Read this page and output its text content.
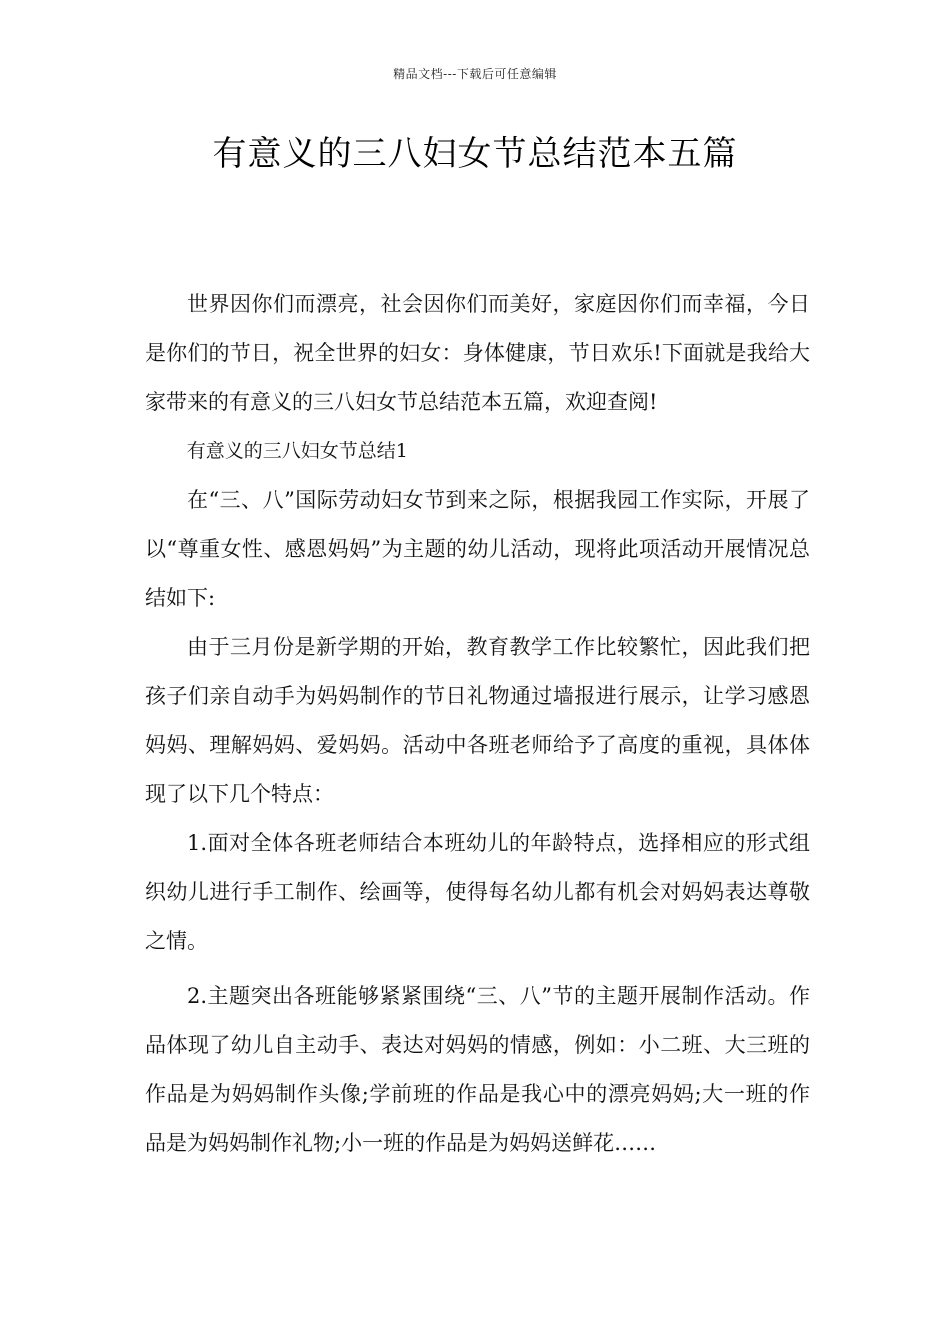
精品文档---下载后可任意编辑
有意义的三八妇女节总结范本五篇

世界因你们而漂亮，社会因你们而美好，家庭因你们而幸福，今日是你们的节日，祝全世界的妇女：身体健康，节日欢乐!下面就是我给大家带来的有意义的三八妇女节总结范本五篇，欢迎查阅!

有意义的三八妇女节总结1

在“三、八”国际劳动妇女节到来之际，根据我园工作实际，开展了以“尊重女性、感恩妈妈”为主题的幼儿活动，现将此项活动开展情况总结如下:

由于三月份是新学期的开始，教育教学工作比较繁忙，因此我们把孩子们亲自动手为妈妈制作的节日礼物通过墙报进行展示，让学习感恩妈妈、理解妈妈、爱妈妈。活动中各班老师给予了高度的重视，具体体现了以下几个特点：

1.面对全体各班老师结合本班幼儿的年龄特点，选择相应的形式组织幼儿进行手工制作、绘画等，使得每名幼儿都有机会对妈妈表达尊敬之情。

2.主题突出各班能够紧紧围绕“三、八”节的主题开展制作活动。作品体现了幼儿自主动手、表达对妈妈的情感，例如：小二班、大三班的作品是为妈妈制作头像;学前班的作品是我心中的漂亮妈妈;大一班的作品是为妈妈制作礼物;小一班的作品是为妈妈送鲜花……
